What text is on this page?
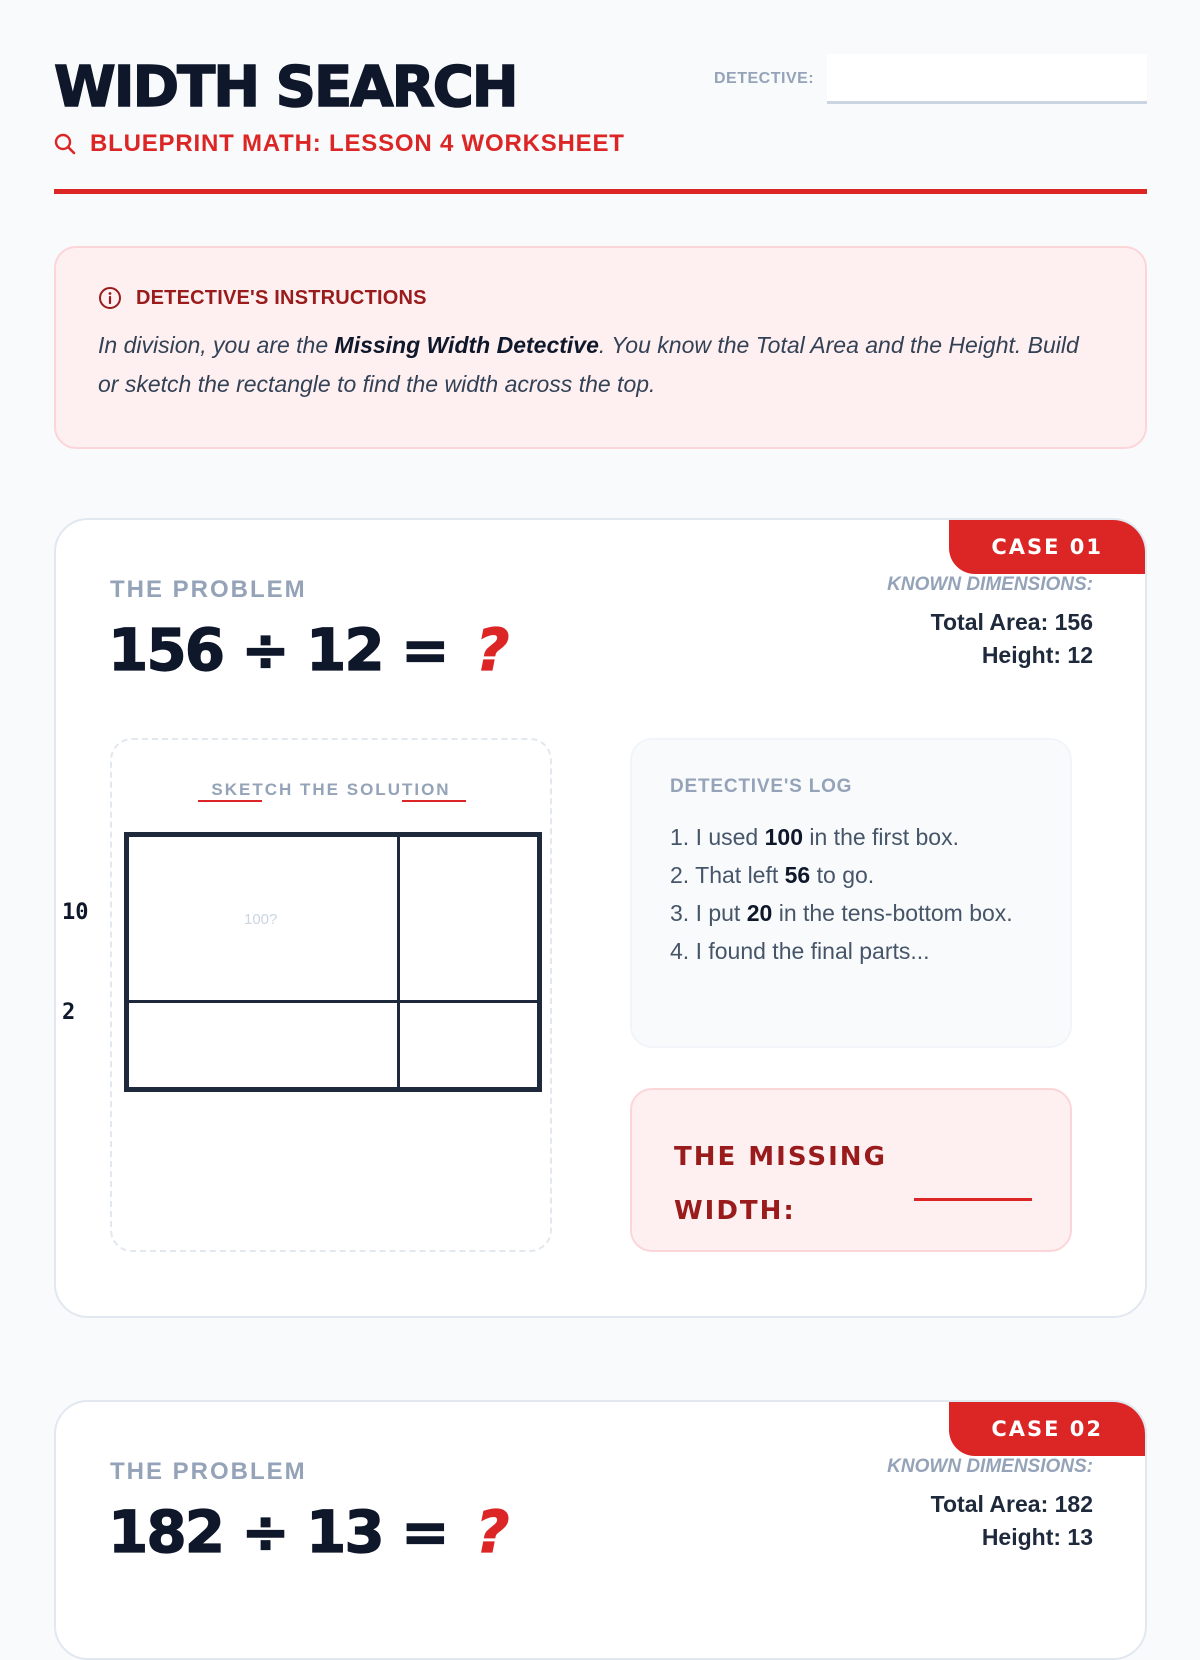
WIDTH SEARCH
BLUEPRINT MATH: LESSON 4 WORKSHEET
DETECTIVE:
DETECTIVE'S INSTRUCTIONS
In division, you are the Missing Width Detective. You know the Total Area and the Height. Build or sketch the rectangle to find the width across the top.
CASE 01
THE PROBLEM
156 ÷ 12 = ?
KNOWN DIMENSIONS:
Total Area: 156
Height: 12
SKETCH THE SOLUTION
100?
10
2
DETECTIVE'S LOG
1. I used 100 in the first box.
2. That left 56 to go.
3. I put 20 in the tens-bottom box.
4. I found the final parts...
THE MISSING WIDTH:
CASE 02
THE PROBLEM
182 ÷ 13 = ?
KNOWN DIMENSIONS:
Total Area: 182
Height: 13
